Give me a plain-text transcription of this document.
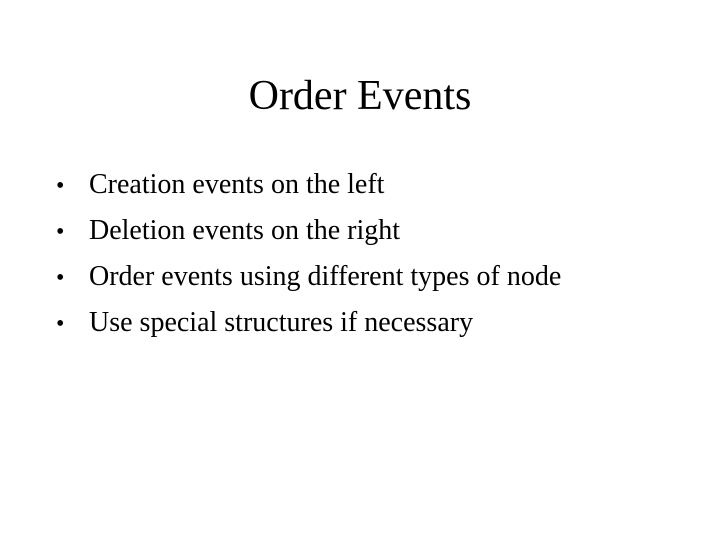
Order Events
• Creation events on the left
• Deletion events on the right
• Order events using different types of node
• Use special structures if necessary
